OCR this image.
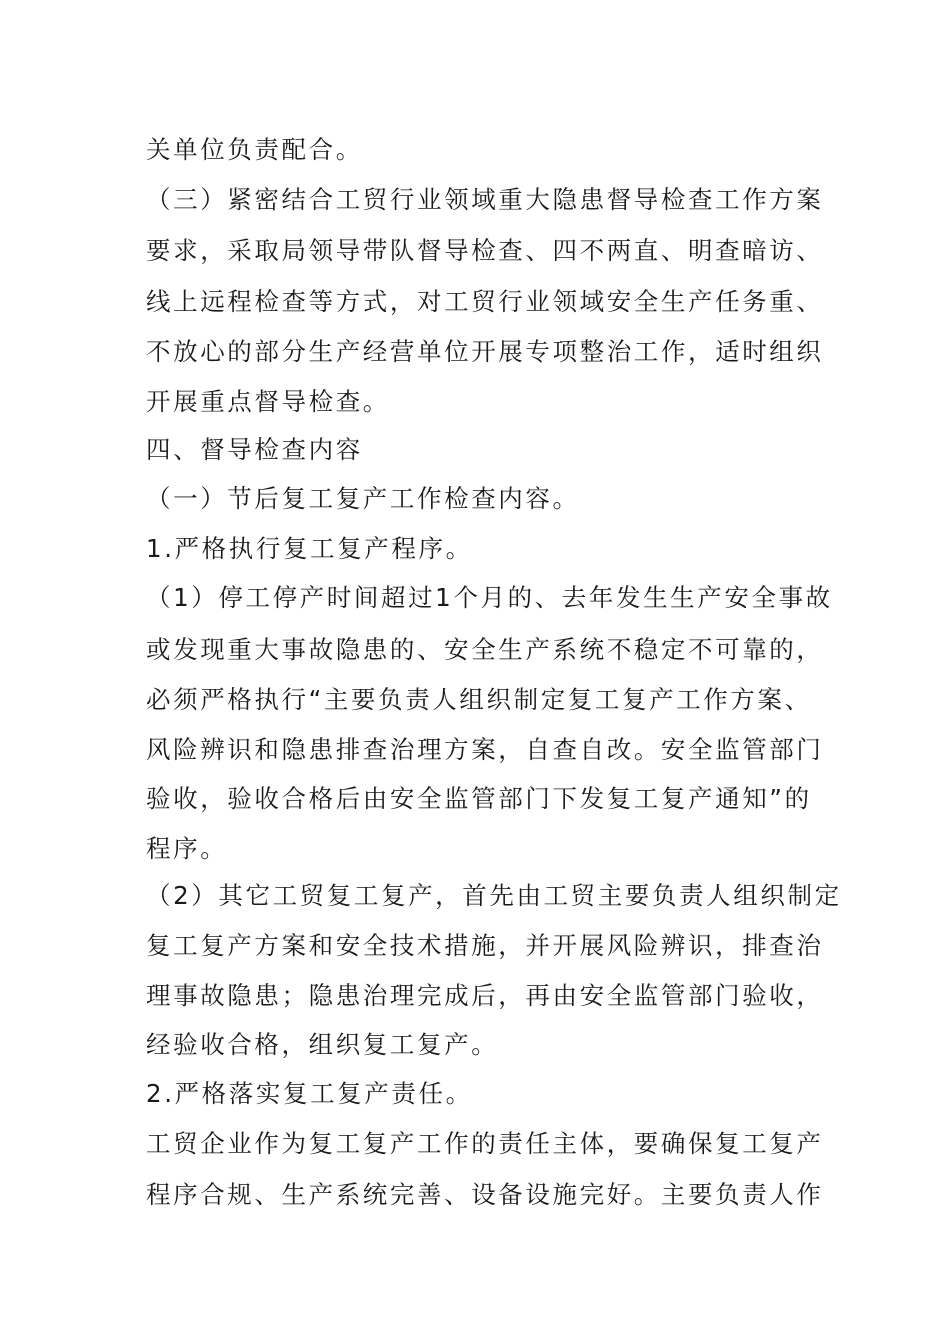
关单位负责配合。
（三）紧密结合工贸行业领域重大隐患督导检查工作方案
要求，采取局领导带队督导检查、四不两直、明查暗访、
线上远程检查等方式，对工贸行业领域安全生产任务重、
不放心的部分生产经营单位开展专项整治工作，适时组织
开展重点督导检查。
四、督导检查内容
（一）节后复工复产工作检查内容。
1.严格执行复工复产程序。
（1）停工停产时间超过1个月的、去年发生生产安全事故
或发现重大事故隐患的、安全生产系统不稳定不可靠的，
必须严格执行“主要负责人组织制定复工复产工作方案、
风险辨识和隐患排查治理方案，自查自改。安全监管部门
验收，验收合格后由安全监管部门下发复工复产通知”的
程序。
（2）其它工贸复工复产，首先由工贸主要负责人组织制定
复工复产方案和安全技术措施，并开展风险辨识，排查治
理事故隐患；隐患治理完成后，再由安全监管部门验收，
经验收合格，组织复工复产。
2.严格落实复工复产责任。
工贸企业作为复工复产工作的责任主体，要确保复工复产
程序合规、生产系统完善、设备设施完好。主要负责人作
